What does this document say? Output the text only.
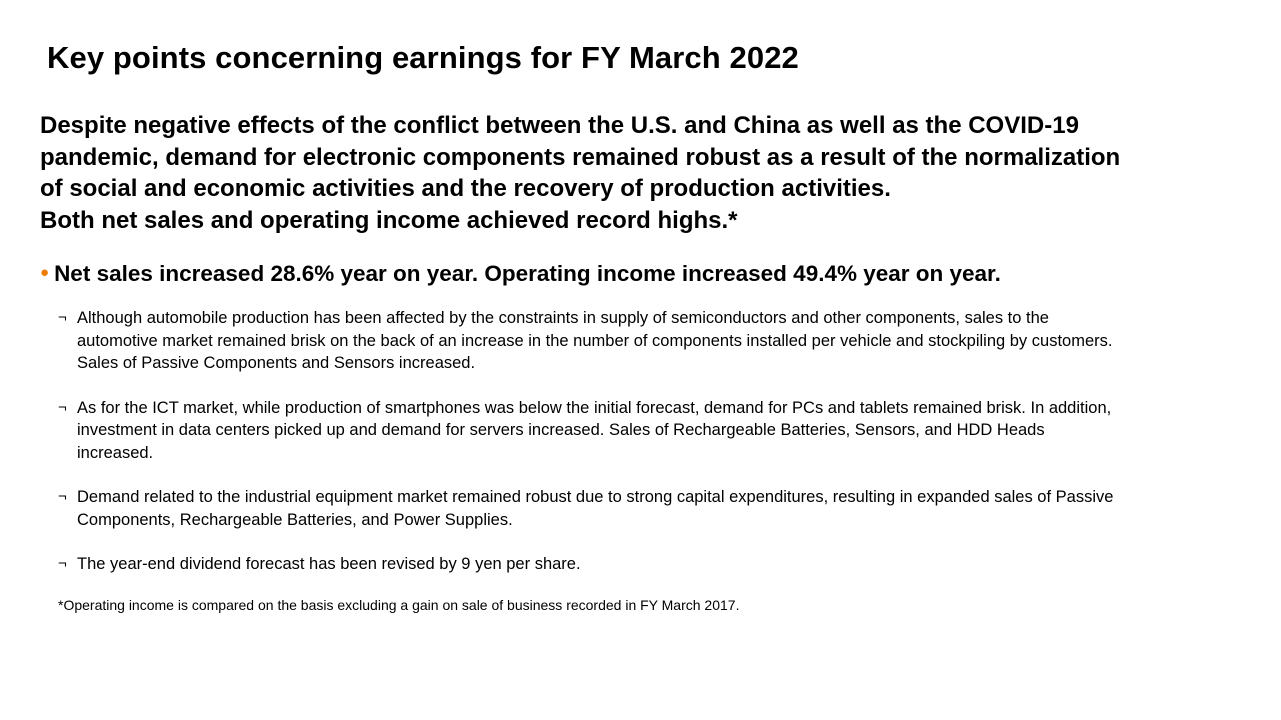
Key points concerning earnings for FY March 2022
Despite negative effects of the conflict between the U.S. and China as well as the COVID-19
pandemic, demand for electronic components remained robust as a result of the normalization
of social and economic activities and the recovery of production activities.
Both net sales and operating income achieved record highs.*
● Net sales increased 28.6% year on year. Operating income increased 49.4% year on year.
¬ Although automobile production has been affected by the constraints in supply of semiconductors and other components, sales to the
automotive market remained brisk on the back of an increase in the number of components installed per vehicle and stockpiling by customers.
Sales of Passive Components and Sensors increased.
¬ As for the ICT market, while production of smartphones was below the initial forecast, demand for PCs and tablets remained brisk. In addition,
investment in data centers picked up and demand for servers increased. Sales of Rechargeable Batteries, Sensors, and HDD Heads
increased.
¬ Demand related to the industrial equipment market remained robust due to strong capital expenditures, resulting in expanded sales of Passive
Components, Rechargeable Batteries, and Power Supplies.
¬ The year-end dividend forecast has been revised by 9 yen per share.
*Operating income is compared on the basis excluding a gain on sale of business recorded in FY March 2017.
